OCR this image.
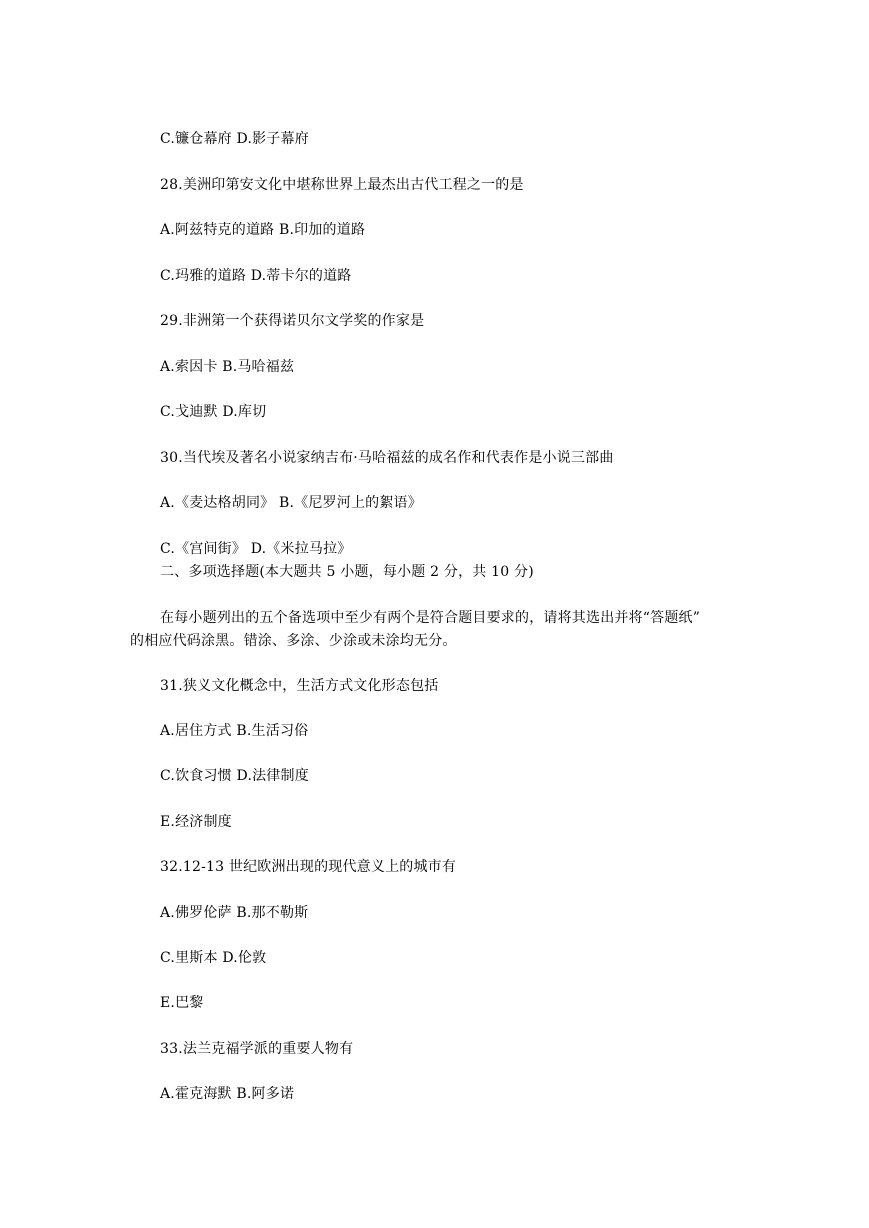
C.镰仓幕府 D.影子幕府
28.美洲印第安文化中堪称世界上最杰出古代工程之一的是
A.阿兹特克的道路 B.印加的道路
C.玛雅的道路 D.蒂卡尔的道路
29.非洲第一个获得诺贝尔文学奖的作家是
A.索因卡 B.马哈福兹
C.戈迪默 D.库切
30.当代埃及著名小说家纳吉布·马哈福兹的成名作和代表作是小说三部曲
A.《麦达格胡同》 B.《尼罗河上的絮语》
C.《宫间街》 D.《米拉马拉》
二、多项选择题(本大题共 5 小题，每小题 2 分，共 10 分)
在每小题列出的五个备选项中至少有两个是符合题目要求的，请将其选出并将“答题纸”
的相应代码涂黑。错涂、多涂、少涂或未涂均无分。
31.狭义文化概念中，生活方式文化形态包括
A.居住方式 B.生活习俗
C.饮食习惯 D.法律制度
E.经济制度
32.12-13 世纪欧洲出现的现代意义上的城市有
A.佛罗伦萨 B.那不勒斯
C.里斯本 D.伦敦
E.巴黎
33.法兰克福学派的重要人物有
A.霍克海默 B.阿多诺
